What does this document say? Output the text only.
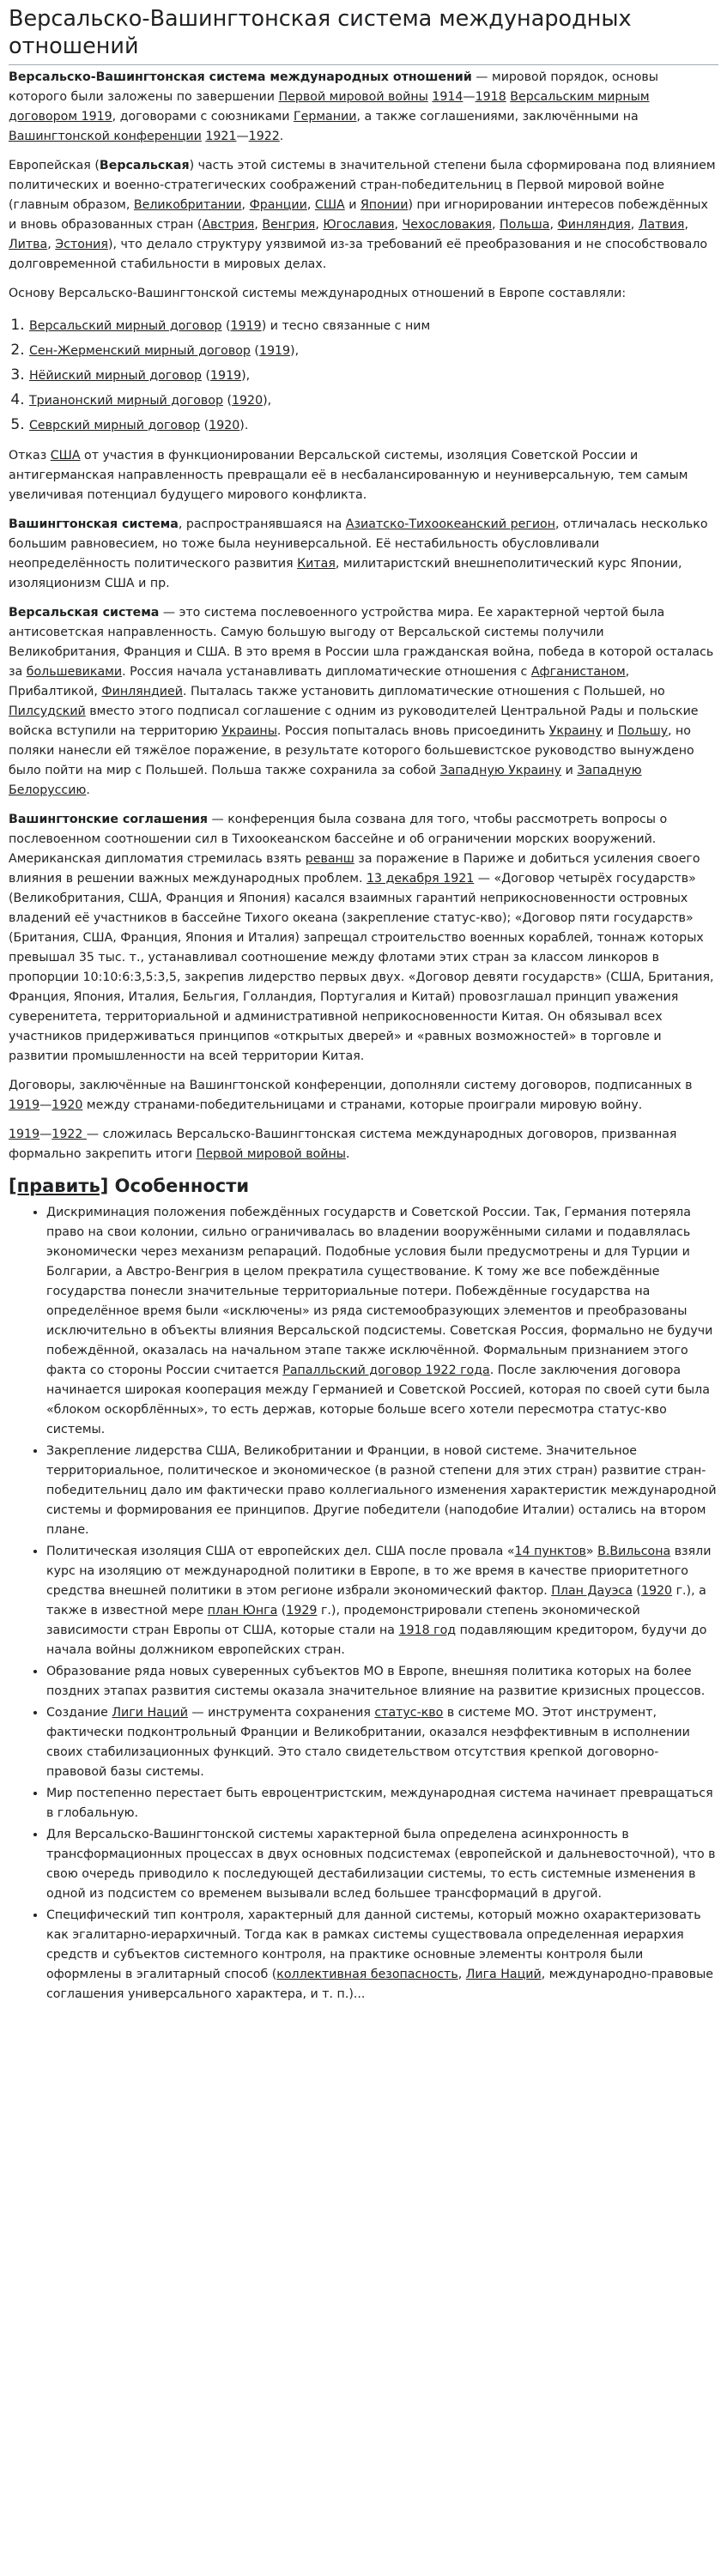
Версальско-Вашингтонская система международных отношений

Версальско-Вашингтонская система международных отношений — мировой порядок, основы которого были заложены по завершении Первой мировой войны 1914—1918 Версальским мирным договором 1919, договорами с союзниками Германии, а также соглашениями, заключёнными на Вашингтонской конференции 1921—1922.

Европейская (Версальская) часть этой системы в значительной степени была сформирована под влиянием политических и военно-стратегических соображений стран-победительниц в Первой мировой войне (главным образом, Великобритании, Франции, США и Японии) при игнорировании интересов побеждённых и вновь образованных стран (Австрия, Венгрия, Югославия, Чехословакия, Польша, Финляндия, Латвия, Литва, Эстония), что делало структуру уязвимой из-за требований её преобразования и не способствовало долговременной стабильности в мировых делах.

Основу Версальско-Вашингтонской системы международных отношений в Европе составляли:

1. Версальский мирный договор (1919) и тесно связанные с ним
2. Сен-Жерменский мирный договор (1919),
3. Нёйиский мирный договор (1919),
4. Трианонский мирный договор (1920),
5. Севрский мирный договор (1920).

Отказ США от участия в функционировании Версальской системы, изоляция Советской России и антигерманская направленность превращали её в несбалансированную и неуниверсальную, тем самым увеличивая потенциал будущего мирового конфликта.

Вашингтонская система, распространявшаяся на Азиатско-Тихоокеанский регион, отличалась несколько большим равновесием, но тоже была неуниверсальной. Её нестабильность обусловливали неопределённость политического развития Китая, милитаристский внешнеполитический курс Японии, изоляционизм США и пр.

Версальская система — это система послевоенного устройства мира. Ее характерной чертой была антисоветская направленность. Самую большую выгоду от Версальской системы получили Великобритания, Франция и США. В это время в России шла гражданская война, победа в которой осталась за большевиками. Россия начала устанавливать дипломатические отношения с Афганистаном, Прибалтикой, Финляндией. Пыталась также установить дипломатические отношения с Польшей, но Пилсудский вместо этого подписал соглашение с одним из руководителей Центральной Рады и польские войска вступили на территорию Украины. Россия попыталась вновь присоединить Украину и Польшу, но поляки нанесли ей тяжёлое поражение, в результате которого большевистское руководство вынуждено было пойти на мир с Польшей. Польша также сохранила за собой Западную Украину и Западную Белоруссию.

Вашингтонские соглашения — конференция была созвана для того, чтобы рассмотреть вопросы о послевоенном соотношении сил в Тихоокеанском бассейне и об ограничении морских вооружений. Американская дипломатия стремилась взять реванш за поражение в Париже и добиться усиления своего влияния в решении важных международных проблем. 13 декабря 1921 — «Договор четырёх государств» (Великобритания, США, Франция и Япония) касался взаимных гарантий неприкосновенности островных владений её участников в бассейне Тихого океана (закрепление статус-кво); «Договор пяти государств» (Британия, США, Франция, Япония и Италия) запрещал строительство военных кораблей, тоннаж которых превышал 35 тыс. т., устанавливал соотношение между флотами этих стран за классом линкоров в пропорции 10:10:6:3,5:3,5, закрепив лидерство первых двух. «Договор девяти государств» (США, Британия, Франция, Япония, Италия, Бельгия, Голландия, Португалия и Китай) провозглашал принцип уважения суверенитета, территориальной и административной неприкосновенности Китая. Он обязывал всех участников придерживаться принципов «открытых дверей» и «равных возможностей» в торговле и развитии промышленности на всей территории Китая.

Договоры, заключённые на Вашингтонской конференции, дополняли систему договоров, подписанных в 1919—1920 между странами-победительницами и странами, которые проиграли мировую войну.

1919—1922 — сложилась Версальско-Вашингтонская система международных договоров, призванная формально закрепить итоги Первой мировой войны.

[править] Особенности
• Дискриминация положения побеждённых государств и Советской России. Так, Германия потеряла право на свои колонии, сильно ограничивалась во владении вооружёнными силами и подавлялась экономически через механизм репараций. Подобные условия были предусмотрены и для Турции и Болгарии, а Австро-Венгрия в целом прекратила существование. К тому же все побеждённые государства понесли значительные территориальные потери. Побеждённые государства на определённое время были «исключены» из ряда системообразующих элементов и преобразованы исключительно в объекты влияния Версальской подсистемы. Советская Россия, формально не будучи побеждённой, оказалась на начальном этапе также исключённой. Формальным признанием этого факта со стороны России считается Рапалльский договор 1922 года. После заключения договора начинается широкая кооперация между Германией и Советской Россией, которая по своей сути была «блоком оскорблённых», то есть держав, которые больше всего хотели пересмотра статус-кво системы.
• Закрепление лидерства США, Великобритании и Франции, в новой системе. Значительное территориальное, политическое и экономическое (в разной степени для этих стран) развитие стран-победительниц дало им фактически право коллегиального изменения характеристик международной системы и формирования ее принципов. Другие победители (наподобие Италии) остались на втором плане.
• Политическая изоляция США от европейских дел. США после провала «14 пунктов» В.Вильсона взяли курс на изоляцию от международной политики в Европе, в то же время в качестве приоритетного средства внешней политики в этом регионе избрали экономический фактор. План Дауэса (1920 г.), а также в известной мере план Юнга (1929 г.), продемонстрировали степень экономической зависимости стран Европы от США, которые стали на 1918 год подавляющим кредитором, будучи до начала войны должником европейских стран.
• Образование ряда новых суверенных субъектов МО в Европе, внешняя политика которых на более поздних этапах развития системы оказала значительное влияние на развитие кризисных процессов.
• Создание Лиги Наций — инструмента сохранения статус-кво в системе МО. Этот инструмент, фактически подконтрольный Франции и Великобритании, оказался неэффективным в исполнении своих стабилизационных функций. Это стало свидетельством отсутствия крепкой договорно-правовой базы системы.
• Мир постепенно перестает быть евроцентристским, международная система начинает превращаться в глобальную.
• Для Версальско-Вашингтонской системы характерной была определена асинхронность в трансформационных процессах в двух основных подсистемах (европейской и дальневосточной), что в свою очередь приводило к последующей дестабилизации системы, то есть системные изменения в одной из подсистем со временем вызывали вслед большее трансформаций в другой.
• Специфический тип контроля, характерный для данной системы, который можно охарактеризовать как эгалитарно-иерархичный. Тогда как в рамках системы существовала определенная иерархия средств и субъектов системного контроля, на практике основные элементы контроля были оформлены в эгалитарный способ (коллективная безопасность, Лига Наций, международно-правовые соглашения универсального характера, и т. п.)...
